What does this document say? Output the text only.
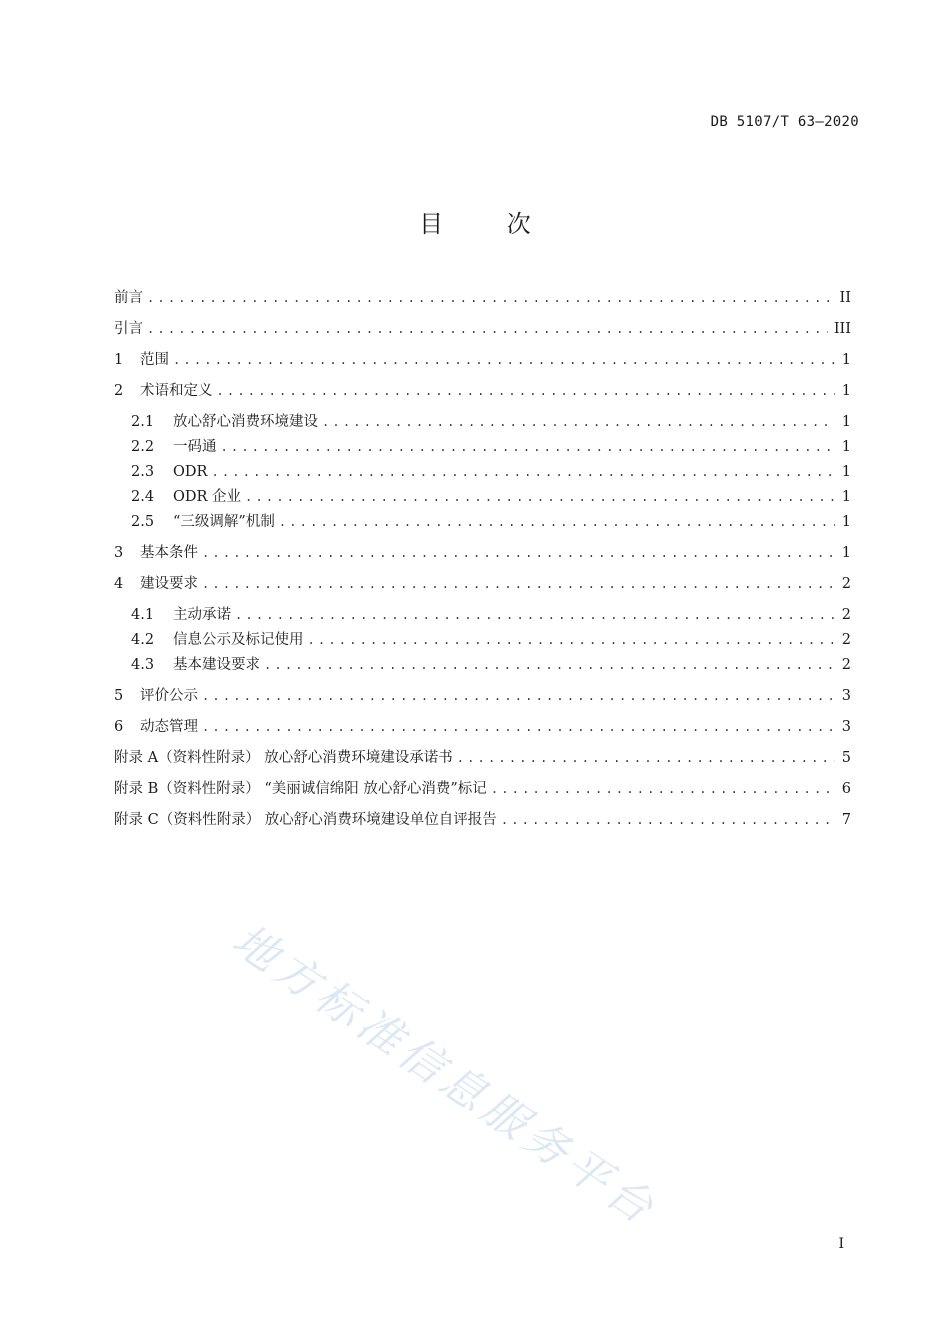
DB 5107/T 63—2020
目 次
前言 .....	II
引言 .....	III
1	范围 .....	1
2	术语和定义 .....	1
2.1	放心舒心消费环境建设 .....	1
2.2	一码通 .....	1
2.3	ODR .....	1
2.4	ODR 企业 .....	1
2.5	“三级调解”机制 .....	1
3	基本条件 .....	1
4	建设要求 .....	2
4.1	主动承诺 .....	2
4.2	信息公示及标记使用 .....	2
4.3	基本建设要求 .....	2
5	评价公示 .....	3
6	动态管理 .....	3
附录 A（资料性附录） 放心舒心消费环境建设承诺书 .....	5
附录 B（资料性附录） “美丽诚信绵阳 放心舒心消费”标记 .....	6
附录 C（资料性附录） 放心舒心消费环境建设单位自评报告 .....	7
地方标准信息服务平台
I
